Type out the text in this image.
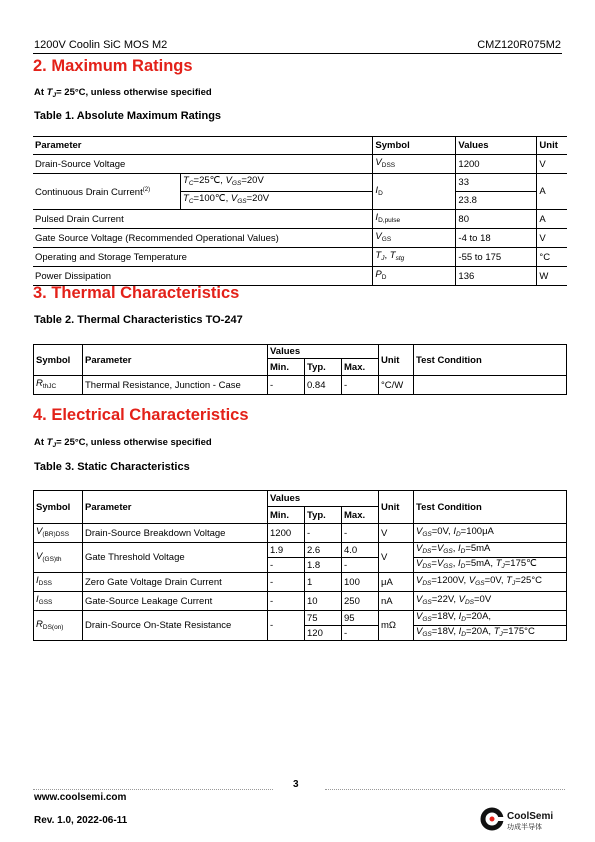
1200V Coolin SiC MOS M2	CMZ120R075M2
2. Maximum Ratings
At $T_J= 25^\circ C$, unless otherwise specified
Table 1. Absolute Maximum Ratings
Parameter		Symbol	Values	Unit
Drain-Source Voltage		$V_{DSS}$	1200	V
Continuous Drain Current$^{(2)}$	$T_C=25℃$, $V_{GS}=20V$	$I_D$	33	A
	$T_C=100℃$, $V_{GS}=20V$		23.8	
Pulsed Drain Current		$I_{D,pulse}$	80	A
Gate Source Voltage (Recommended Operational Values)		$V_{GS}$	-4 to 18	V
Operating and Storage Temperature		$T_J$, $T_{stg}$	-55 to 175	°C
Power Dissipation		$P_D$	136	W
3. Thermal Characteristics
Table 2. Thermal Characteristics TO-247
Symbol	Parameter	Values			Unit	Test Condition
		Min.	Typ.	Max.		
$R_{thJC}$	Thermal Resistance, Junction - Case	-	0.84	-	°C/W	
4. Electrical Characteristics
At $T_J= 25^\circ C$, unless otherwise specified
Table 3. Static Characteristics
Symbol	Parameter	Values			Unit	Test Condition
		Min.	Typ.	Max.		
$V_{(BR)DSS}$	Drain-Source Breakdown Voltage	1200	-	-	V	$V_{GS}=0V$, $I_D=100\mu A$
$V_{(GS)th}$	Gate Threshold Voltage	1.9	2.6	4.0	V	$V_{DS}=V_{GS}$, $I_D=5mA$
		-	1.8	-		$V_{DS}=V_{GS}$, $I_D=5mA$, $T_J=175℃$
$I_{DSS}$	Zero Gate Voltage Drain Current	-	1	100	μA	$V_{DS}=1200V$, $V_{GS}=0V$, $T_J=25^\circ C$
$I_{GSS}$	Gate-Source Leakage Current	-	10	250	nA	$V_{GS}=22V$, $V_{DS}=0V$
$R_{DS(on)}$	Drain-Source On-State Resistance	-	75	95	mΩ	$V_{GS}=18V$, $I_D=20A$,
			120	-		$V_{GS}=18V$, $I_D=20A$, $T_J=175^\circ C$
3
www.coolsemi.com
Rev. 1.0, 2022-06-11	CoolSemi
功成半导体
